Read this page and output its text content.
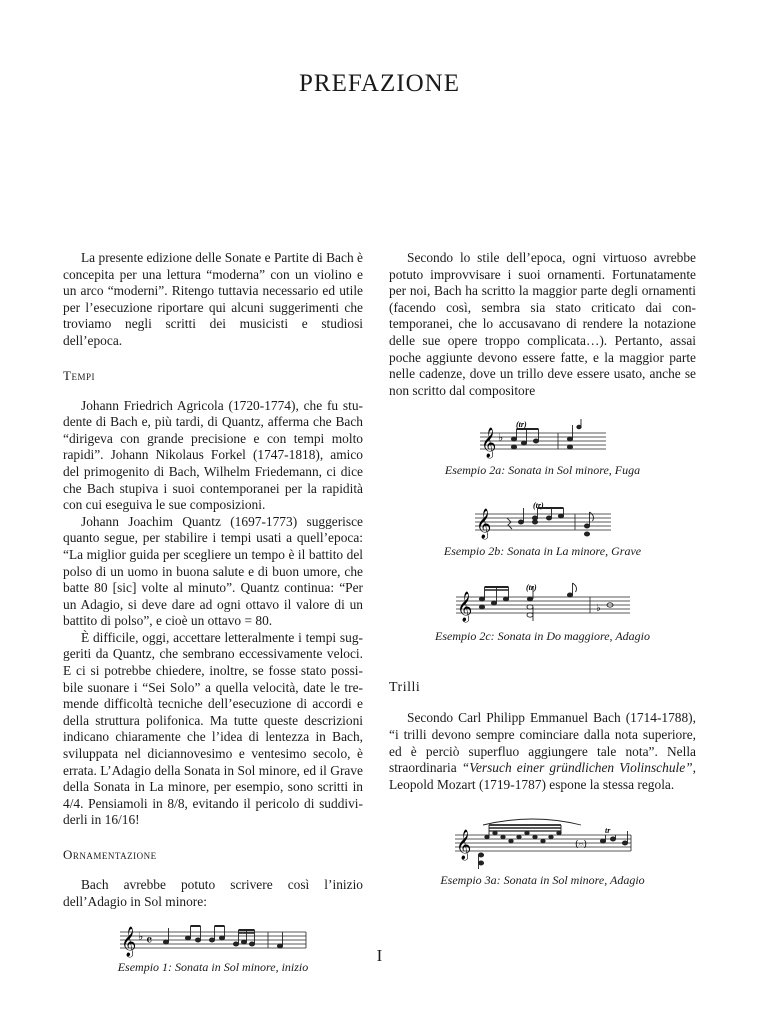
PREFAZIONE

La presente edizione delle Sonate e Partite di Bach è concepita per una lettura “moderna” con un violino e un arco “moderni”. Ritengo tuttavia necessario ed utile per l’esecuzione riportare qui alcuni suggerimenti che troviamo negli scritti dei musicisti e studiosi dell’epoca.

Tempi

Johann Friedrich Agricola (1720-1774), che fu studente di Bach e, più tardi, di Quantz, afferma che Bach “dirigeva con grande precisione e con tempi molto rapidi”. Johann Nikolaus Forkel (1747-1818), amico del primogenito di Bach, Wilhelm Friedemann, ci dice che Bach stupiva i suoi contemporanei per la rapidità con cui eseguiva le sue composizioni.

Johann Joachim Quantz (1697-1773) suggerisce quanto segue, per stabilire i tempi usati a quell’epoca: “La miglior guida per scegliere un tempo è il battito del polso di un uomo in buona salute e di buon umore, che batte 80 [sic] volte al minuto”. Quantz continua: “Per un Adagio, si deve dare ad ogni ottavo il valore di un battito di polso”, e cioè un ottavo = 80.

È difficile, oggi, accettare letteralmente i tempi suggeriti da Quantz, che sembrano eccessivamente veloci. E ci si potrebbe chiedere, inoltre, se fosse stato possibile suonare i “Sei Solo” a quella velocità, date le tremende difficoltà tecniche dell’esecuzione di accordi e della struttura polifonica. Ma tutte queste descrizioni indicano chiaramente che l’idea di lentezza in Bach, sviluppata nel diciannovesimo e ventesimo secolo, è errata. L’Adagio della Sonata in Sol minore, ed il Grave della Sonata in La minore, per esempio, sono scritti in 4/4. Pensiamoli in 8/8, evitando il pericolo di suddividerli in 16/16!

Ornamentazione

Bach avrebbe potuto scrivere così l’inizio dell’Adagio in Sol minore:

𝄞 ♭ 𝄴
Esempio 1: Sonata in Sol minore, inizio

Secondo lo stile dell’epoca, ogni virtuoso avrebbe potuto improvvisare i suoi ornamenti. Fortunatamente per noi, Bach ha scritto la maggior parte degli ornamenti (facendo così, sembra sia stato criticato dai contemporanei, che lo accusavano di rendere la notazione delle sue opere troppo complicata…). Pertanto, assai poche aggiunte devono essere fatte, e la maggior parte nelle cadenze, dove un trillo deve essere usato, anche se non scritto dal compositore

𝄞 ♭
(tr)
Esempio 2a: Sonata in Sol minore, Fuga
𝄞
(tr)
Esempio 2b: Sonata in La minore, Grave
𝄞
(tr)
♭
Esempio 2c: Sonata in Do maggiore, Adagio
Trilli

Secondo Carl Philipp Emmanuel Bach (1714-1788), “i trilli devono sempre cominciare dalla nota superiore, ed è perciò superfluo aggiungere tale nota”. Nella straordinaria “Versuch einer gründlichen Violinschule”, Leopold Mozart (1719-1787) espone la stessa regola.

𝄞	(𝄐)
tr
Esempio 3a: Sonata in Sol minore, Adagio
I
